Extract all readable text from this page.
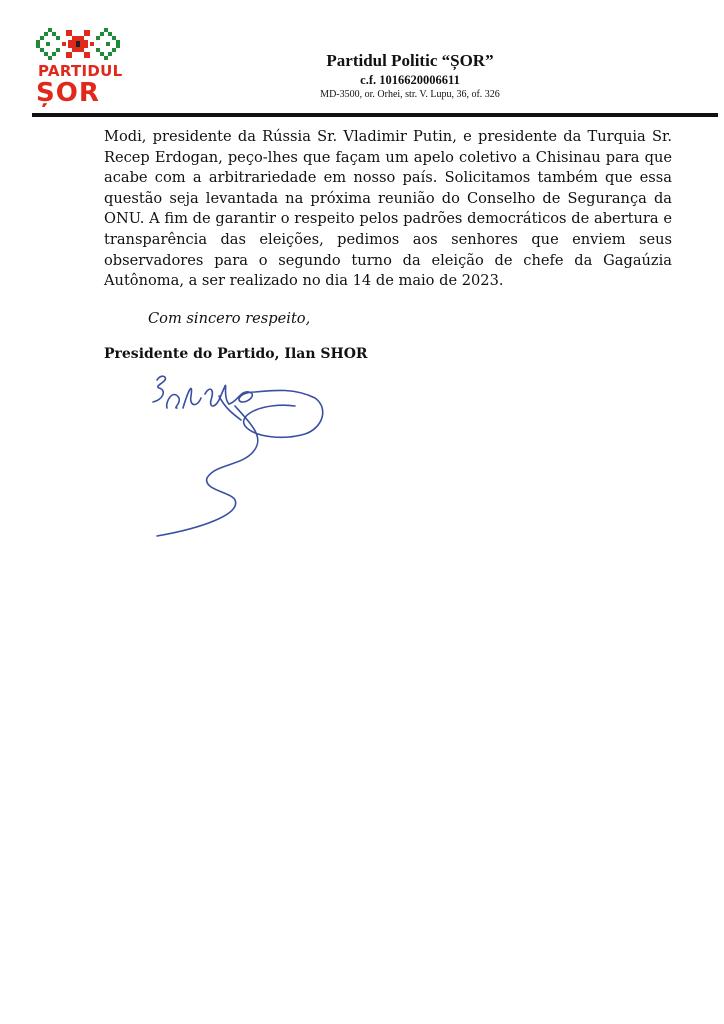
PARTIDUL
ȘOR
Partidul Politic “ȘOR”
c.f. 1016620006611
MD-3500, or. Orhei, str. V. Lupu, 36, of. 326

Modi, presidente da Rússia Sr. Vladimir Putin, e presidente da Turquia Sr. Recep Erdogan, peço-lhes que façam um apelo coletivo a Chisinau para que acabe com a arbitrariedade em nosso país. Solicitamos também que essa questão seja levantada na próxima reunião do Conselho de Segurança da ONU. A fim de garantir o respeito pelos padrões democráticos de abertura e transparência das eleições, pedimos aos senhores que enviem seus observadores para o segundo turno da eleição de chefe da Gagaúzia Autônoma, a ser realizado no dia 14 de maio de 2023.

Com sincero respeito,
Presidente do Partido, Ilan SHOR
